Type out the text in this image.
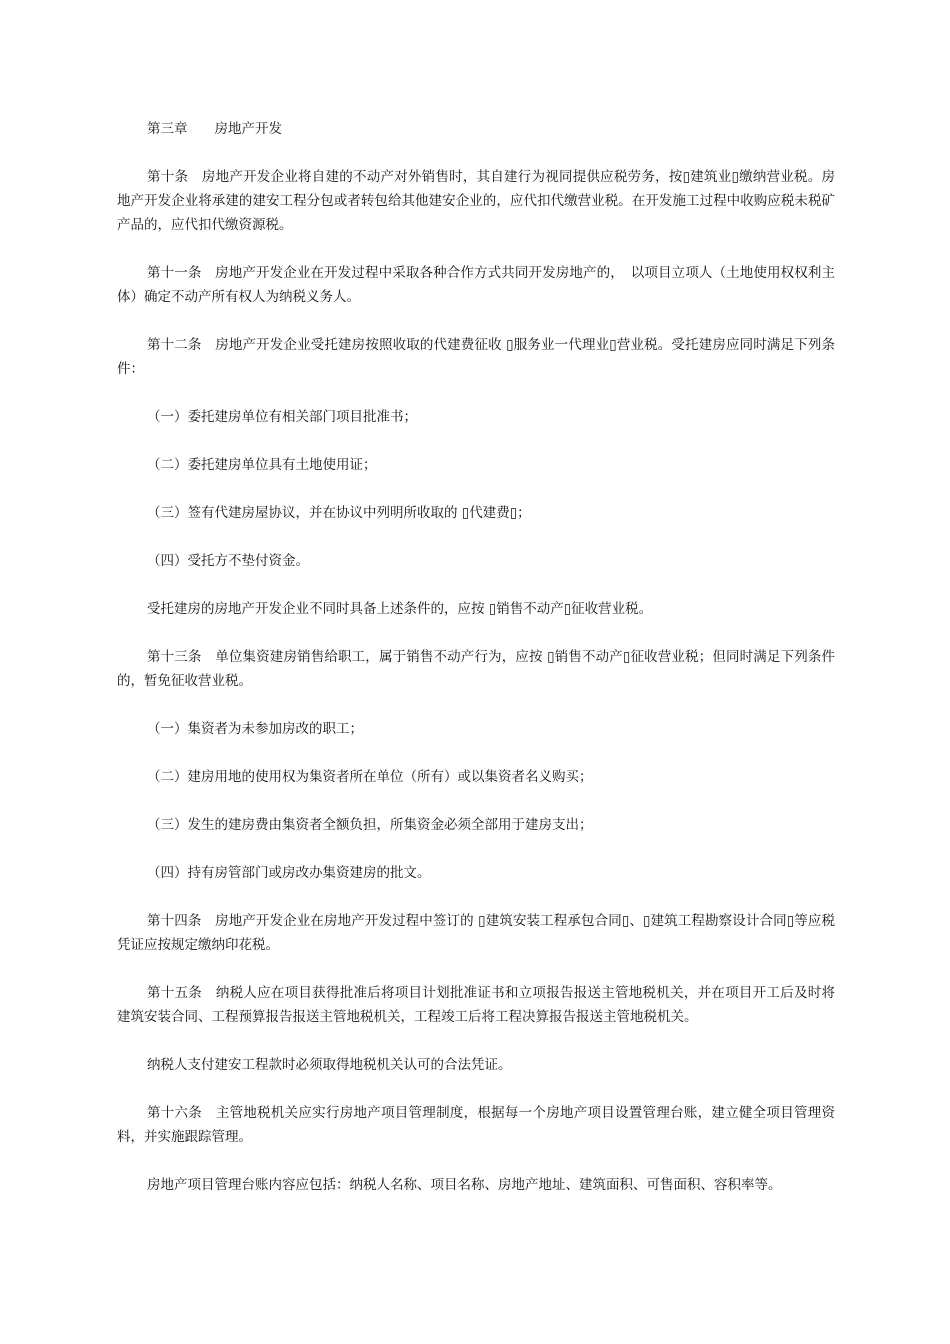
第三章　　房地产开发

第十条　房地产开发企业将自建的不动产对外销售时，其自建行为视同提供应税劳务，按▯建筑业▯缴纳营业税。房地产开发企业将承建的建安工程分包或者转包给其他建安企业的，应代扣代缴营业税。在开发施工过程中收购应税未税矿产品的，应代扣代缴资源税。

第十一条　房地产开发企业在开发过程中采取各种合作方式共同开发房地产的，　以项目立项人（土地使用权权利主体）确定不动产所有权人为纳税义务人。

第十二条　房地产开发企业受托建房按照收取的代建费征收 ▯服务业一代理业▯营业税。受托建房应同时满足下列条件：

（一）委托建房单位有相关部门项目批准书；

（二）委托建房单位具有土地使用证；

（三）签有代建房屋协议，并在协议中列明所收取的 ▯代建费▯；

（四）受托方不垫付资金。

受托建房的房地产开发企业不同时具备上述条件的，应按 ▯销售不动产▯征收营业税。

第十三条　单位集资建房销售给职工，属于销售不动产行为，应按 ▯销售不动产▯征收营业税；但同时满足下列条件的，暂免征收营业税。

（一）集资者为未参加房改的职工；

（二）建房用地的使用权为集资者所在单位（所有）或以集资者名义购买；

（三）发生的建房费由集资者全额负担，所集资金必须全部用于建房支出；

（四）持有房管部门或房改办集资建房的批文。

第十四条　房地产开发企业在房地产开发过程中签订的 ▯建筑安装工程承包合同▯、▯建筑工程勘察设计合同▯等应税凭证应按规定缴纳印花税。

第十五条　纳税人应在项目获得批准后将项目计划批准证书和立项报告报送主管地税机关，并在项目开工后及时将建筑安装合同、工程预算报告报送主管地税机关，工程竣工后将工程决算报告报送主管地税机关。

纳税人支付建安工程款时必须取得地税机关认可的合法凭证。

第十六条　主管地税机关应实行房地产项目管理制度，根据每一个房地产项目设置管理台账，建立健全项目管理资料，并实施跟踪管理。

房地产项目管理台账内容应包括：纳税人名称、项目名称、房地产地址、建筑面积、可售面积、容积率等。
